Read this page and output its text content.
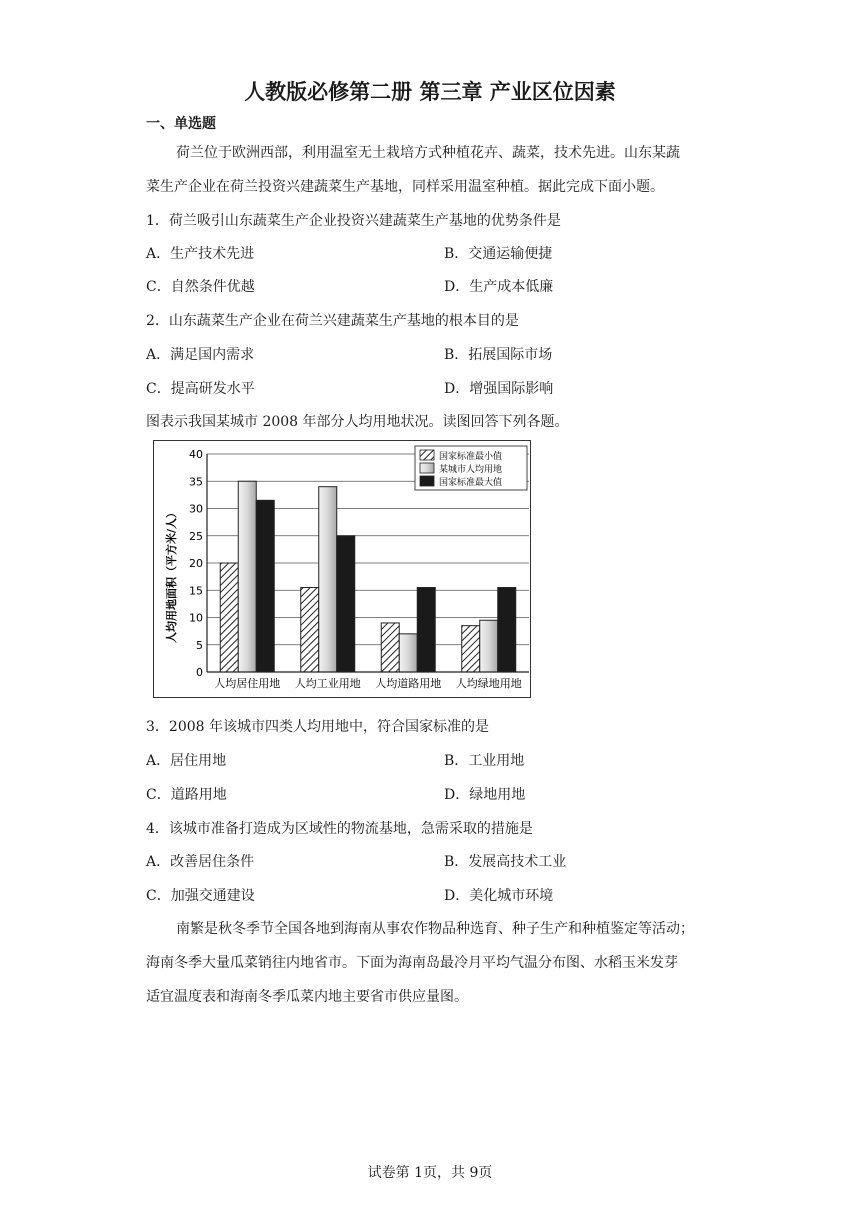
人教版必修第二册 第三章 产业区位因素
一、单选题
荷兰位于欧洲西部，利用温室无土栽培方式种植花卉、蔬菜，技术先进。山东某蔬
菜生产企业在荷兰投资兴建蔬菜生产基地，同样采用温室种植。据此完成下面小题。
1．荷兰吸引山东蔬菜生产企业投资兴建蔬菜生产基地的优势条件是
A．生产技术先进	B．交通运输便捷
C．自然条件优越	D．生产成本低廉
2．山东蔬菜生产企业在荷兰兴建蔬菜生产基地的根本目的是
A．满足国内需求	B．拓展国际市场
C．提高研发水平	D．增强国际影响
图表示我国某城市 2008 年部分人均用地状况。读图回答下列各题。
0
5
10
15
20
25
30
35
40
人均居住用地 人均工业用地 人均道路用地 人均绿地用地
国家标准最小值
某城市人均用地
国家标准最大值
人均用地面积（平方米/人）
3．2008 年该城市四类人均用地中，符合国家标准的是
A．居住用地	B．工业用地
C．道路用地	D．绿地用地
4．该城市准备打造成为区域性的物流基地，急需采取的措施是
A．改善居住条件	B．发展高技术工业
C．加强交通建设	D．美化城市环境
南繁是秋冬季节全国各地到海南从事农作物品种选育、种子生产和种植鉴定等活动；
海南冬季大量瓜菜销往内地省市。下面为海南岛最冷月平均气温分布图、水稻玉米发芽
适宜温度表和海南冬季瓜菜内地主要省市供应量图。
试卷第 1页，共 9页
